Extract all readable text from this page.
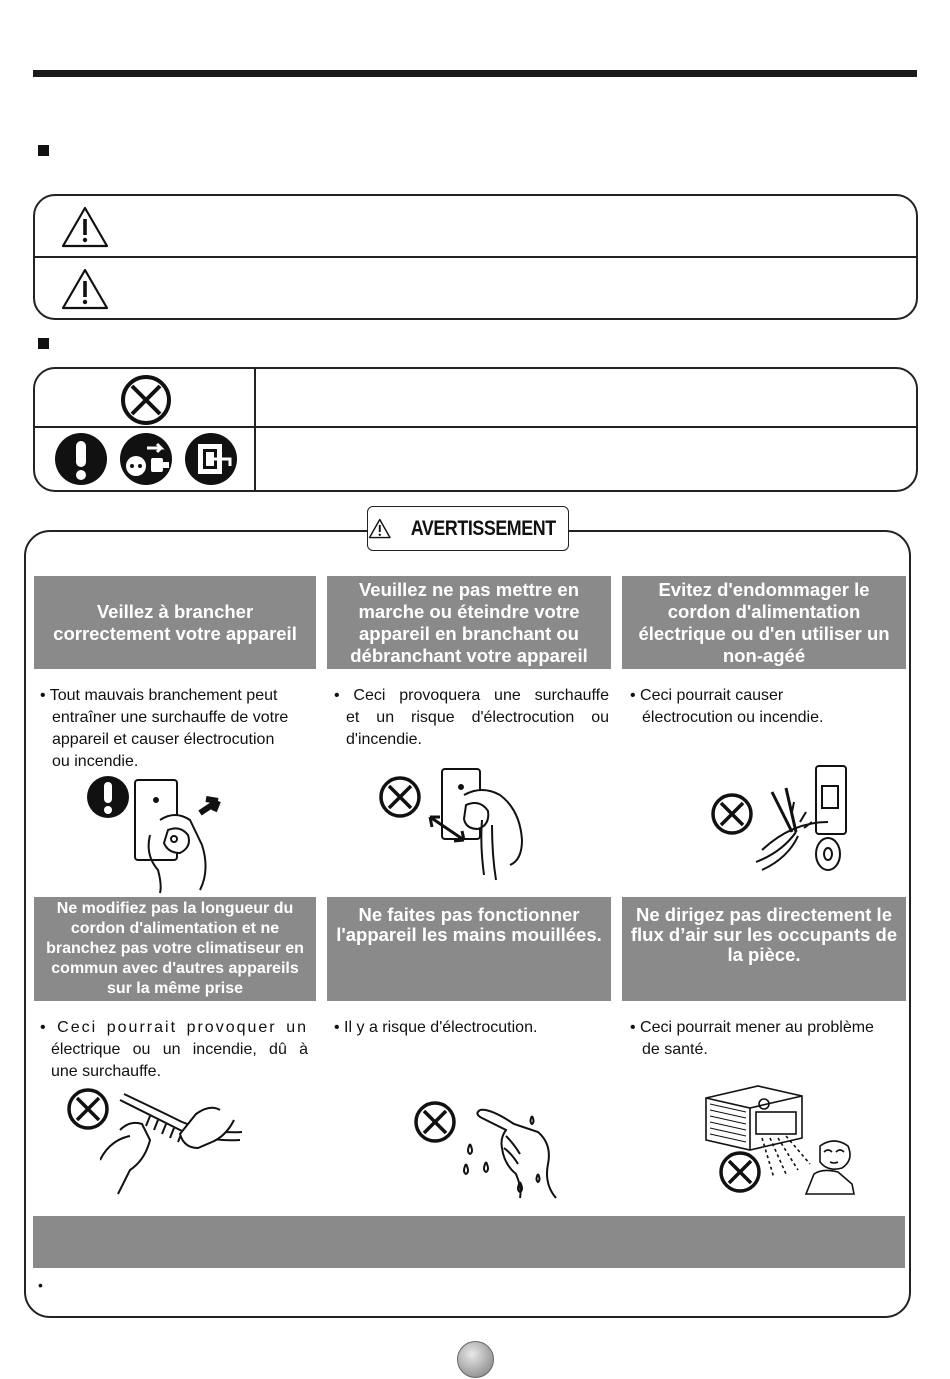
AVERTISSEMENT
Veillez à brancher correctement votre appareil
Veuillez ne pas mettre en marche ou éteindre votre appareil en branchant ou débranchant votre appareil
Evitez d'endommager le cordon d'alimentation électrique ou d'en utiliser un non-agéé
• Tout mauvais branchement peut
entraîner une surchauffe de votre
appareil et causer électrocution
ou incendie.
• Ceci provoquera une surchauffe
et un risque d'électrocution ou
d'incendie.
• Ceci pourrait causer
électrocution ou incendie.
Ne modifiez pas la longueur du cordon d'alimentation et ne branchez pas votre climatiseur en commun avec d'autres appareils sur la même prise
Ne faites pas fonctionner l'appareil les mains mouillées.
Ne dirigez pas directement le flux d’air sur les occupants de la pièce.
• Ceci pourrait provoquer un
électrique ou un incendie, dû à
une surchauffe.
• Il y a risque d'électrocution.	• Ceci pourrait mener au problème
de santé.
•
